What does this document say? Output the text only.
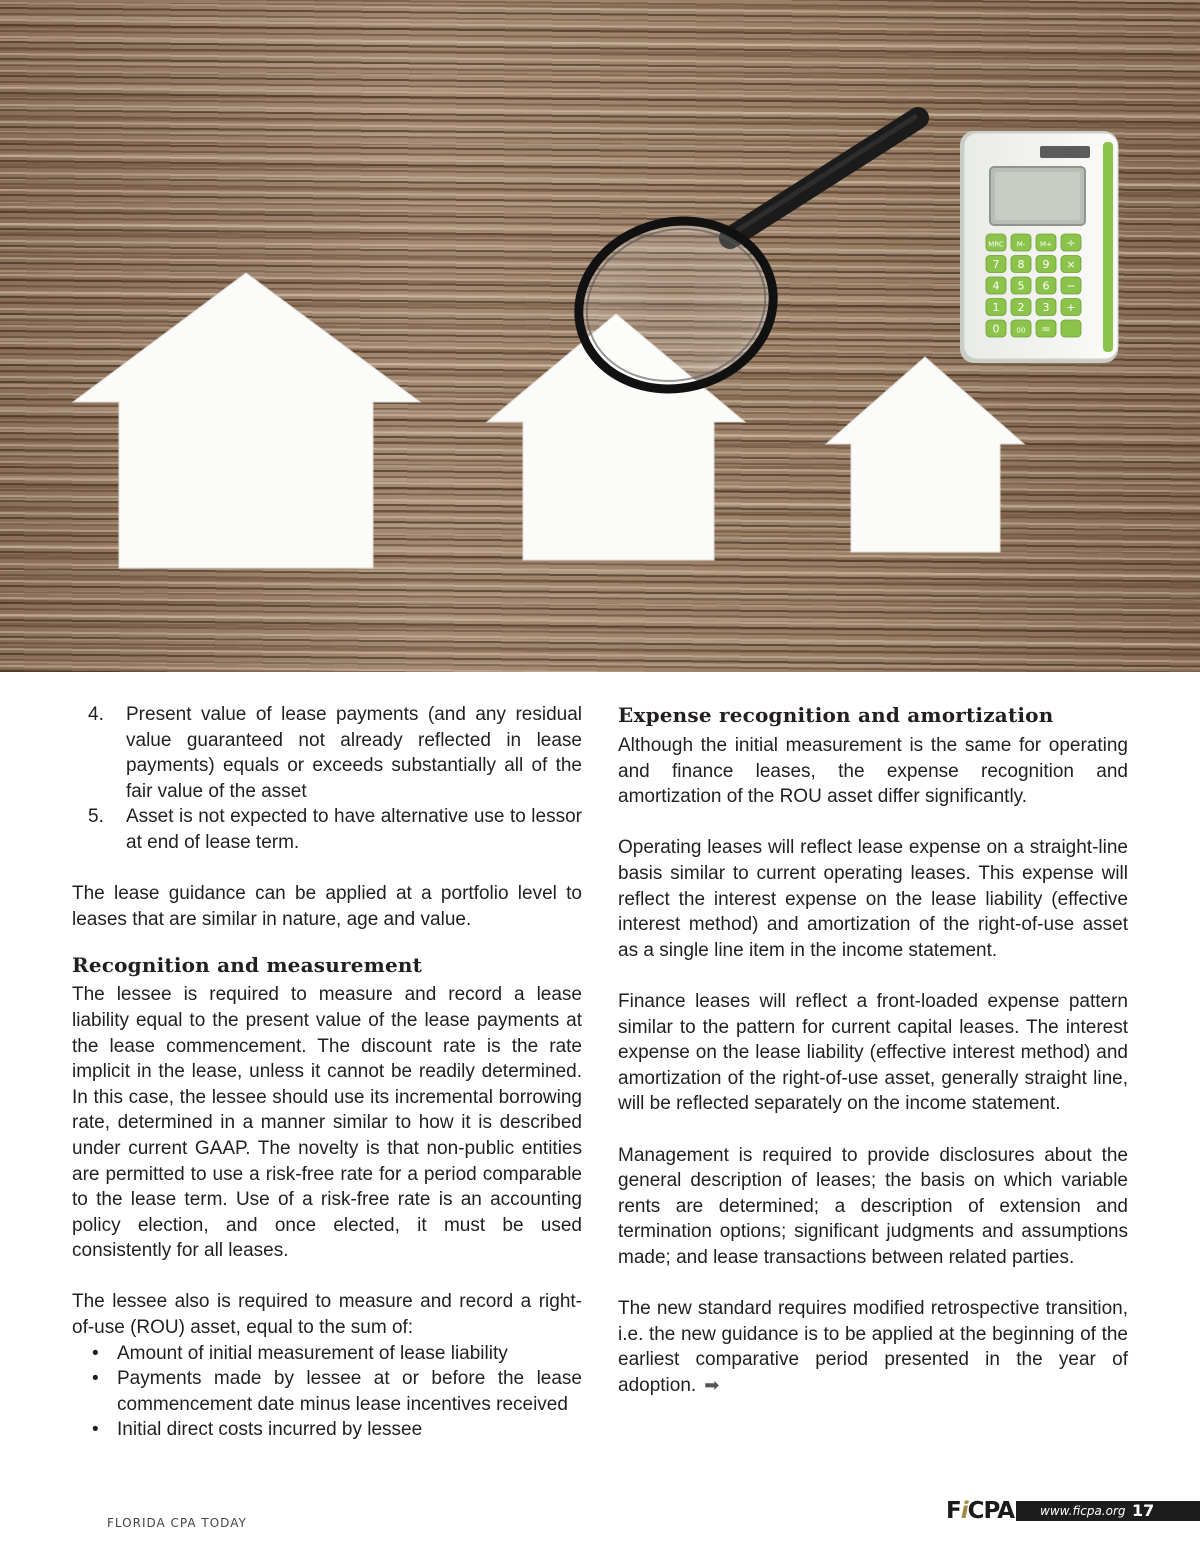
MRC M- M+ ÷
7 8 9 ×
4 5 6 −
1 2 3 +
0 00 =
4. Present value of lease payments (and any residual value guaranteed not already reflected in lease payments) equals or exceeds substantially all of the fair value of the asset
5. Asset is not expected to have alternative use to lessor at end of lease term.

The lease guidance can be applied at a portfolio level to leases that are similar in nature, age and value.

Recognition and measurement

The lessee is required to measure and record a lease liability equal to the present value of the lease payments at the lease commencement. The discount rate is the rate implicit in the lease, unless it cannot be readily determined. In this case, the lessee should use its incremental borrowing rate, determined in a manner similar to how it is described under current GAAP. The novelty is that non-public entities are permitted to use a risk-free rate for a period comparable to the lease term. Use of a risk-free rate is an accounting policy election, and once elected, it must be used consistently for all leases.

The lessee also is required to measure and record a right-of-use (ROU) asset, equal to the sum of:

• Amount of initial measurement of lease liability
• Payments made by lessee at or before the lease commencement date minus lease incentives received
• Initial direct costs incurred by lessee
Expense recognition and amortization

Although the initial measurement is the same for operating and finance leases, the expense recognition and amortization of the ROU asset differ significantly.

Operating leases will reflect lease expense on a straight-line basis similar to current operating leases. This expense will reflect the interest expense on the lease liability (effective interest method) and amortization of the right-of-use asset as a single line item in the income statement.

Finance leases will reflect a front-loaded expense pattern similar to the pattern for current capital leases. The interest expense on the lease liability (effective interest method) and amortization of the right-of-use asset, generally straight line, will be reflected separately on the income statement.

Management is required to provide disclosures about the general description of leases; the basis on which variable rents are determined; a description of extension and termination options; significant judgments and assumptions made; and lease transactions between related parties.

The new standard requires modified retrospective transition, i.e. the new guidance is to be applied at the beginning of the earliest comparative period presented in the year of adoption. ➡

FLORIDA CPA TODAY	FiCPA www.ficpa.org 17
